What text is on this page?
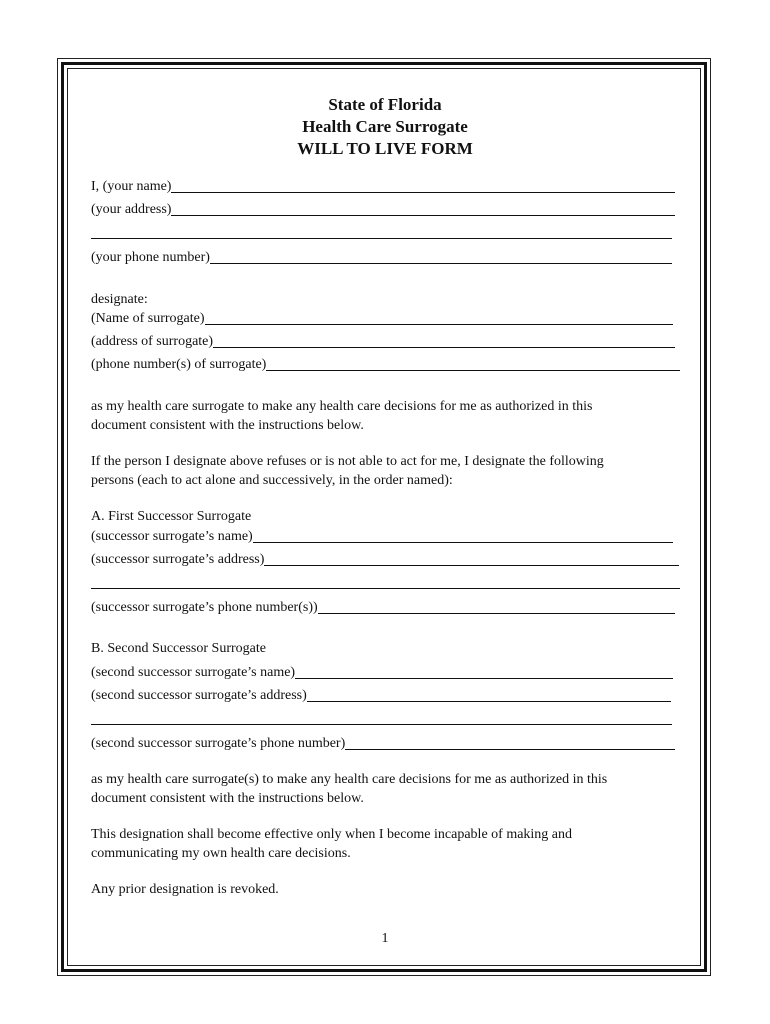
State of Florida
Health Care Surrogate
WILL TO LIVE FORM
I, (your name)
(your address)
(your phone number)
designate:
(Name of surrogate)
(address of surrogate)
(phone number(s) of surrogate)
as my health care surrogate to make any health care decisions for me as authorized in this
document consistent with the instructions below.
If the person I designate above refuses or is not able to act for me, I designate the following
persons (each to act alone and successively, in the order named):
A. First Successor Surrogate
(successor surrogate’s name)
(successor surrogate’s address)
(successor surrogate’s phone number(s))
B. Second Successor Surrogate
(second successor surrogate’s name)
(second successor surrogate’s address)
(second successor surrogate’s phone number)
as my health care surrogate(s) to make any health care decisions for me as authorized in this
document consistent with the instructions below.
This designation shall become effective only when I become incapable of making and
communicating my own health care decisions.
Any prior designation is revoked.
1
